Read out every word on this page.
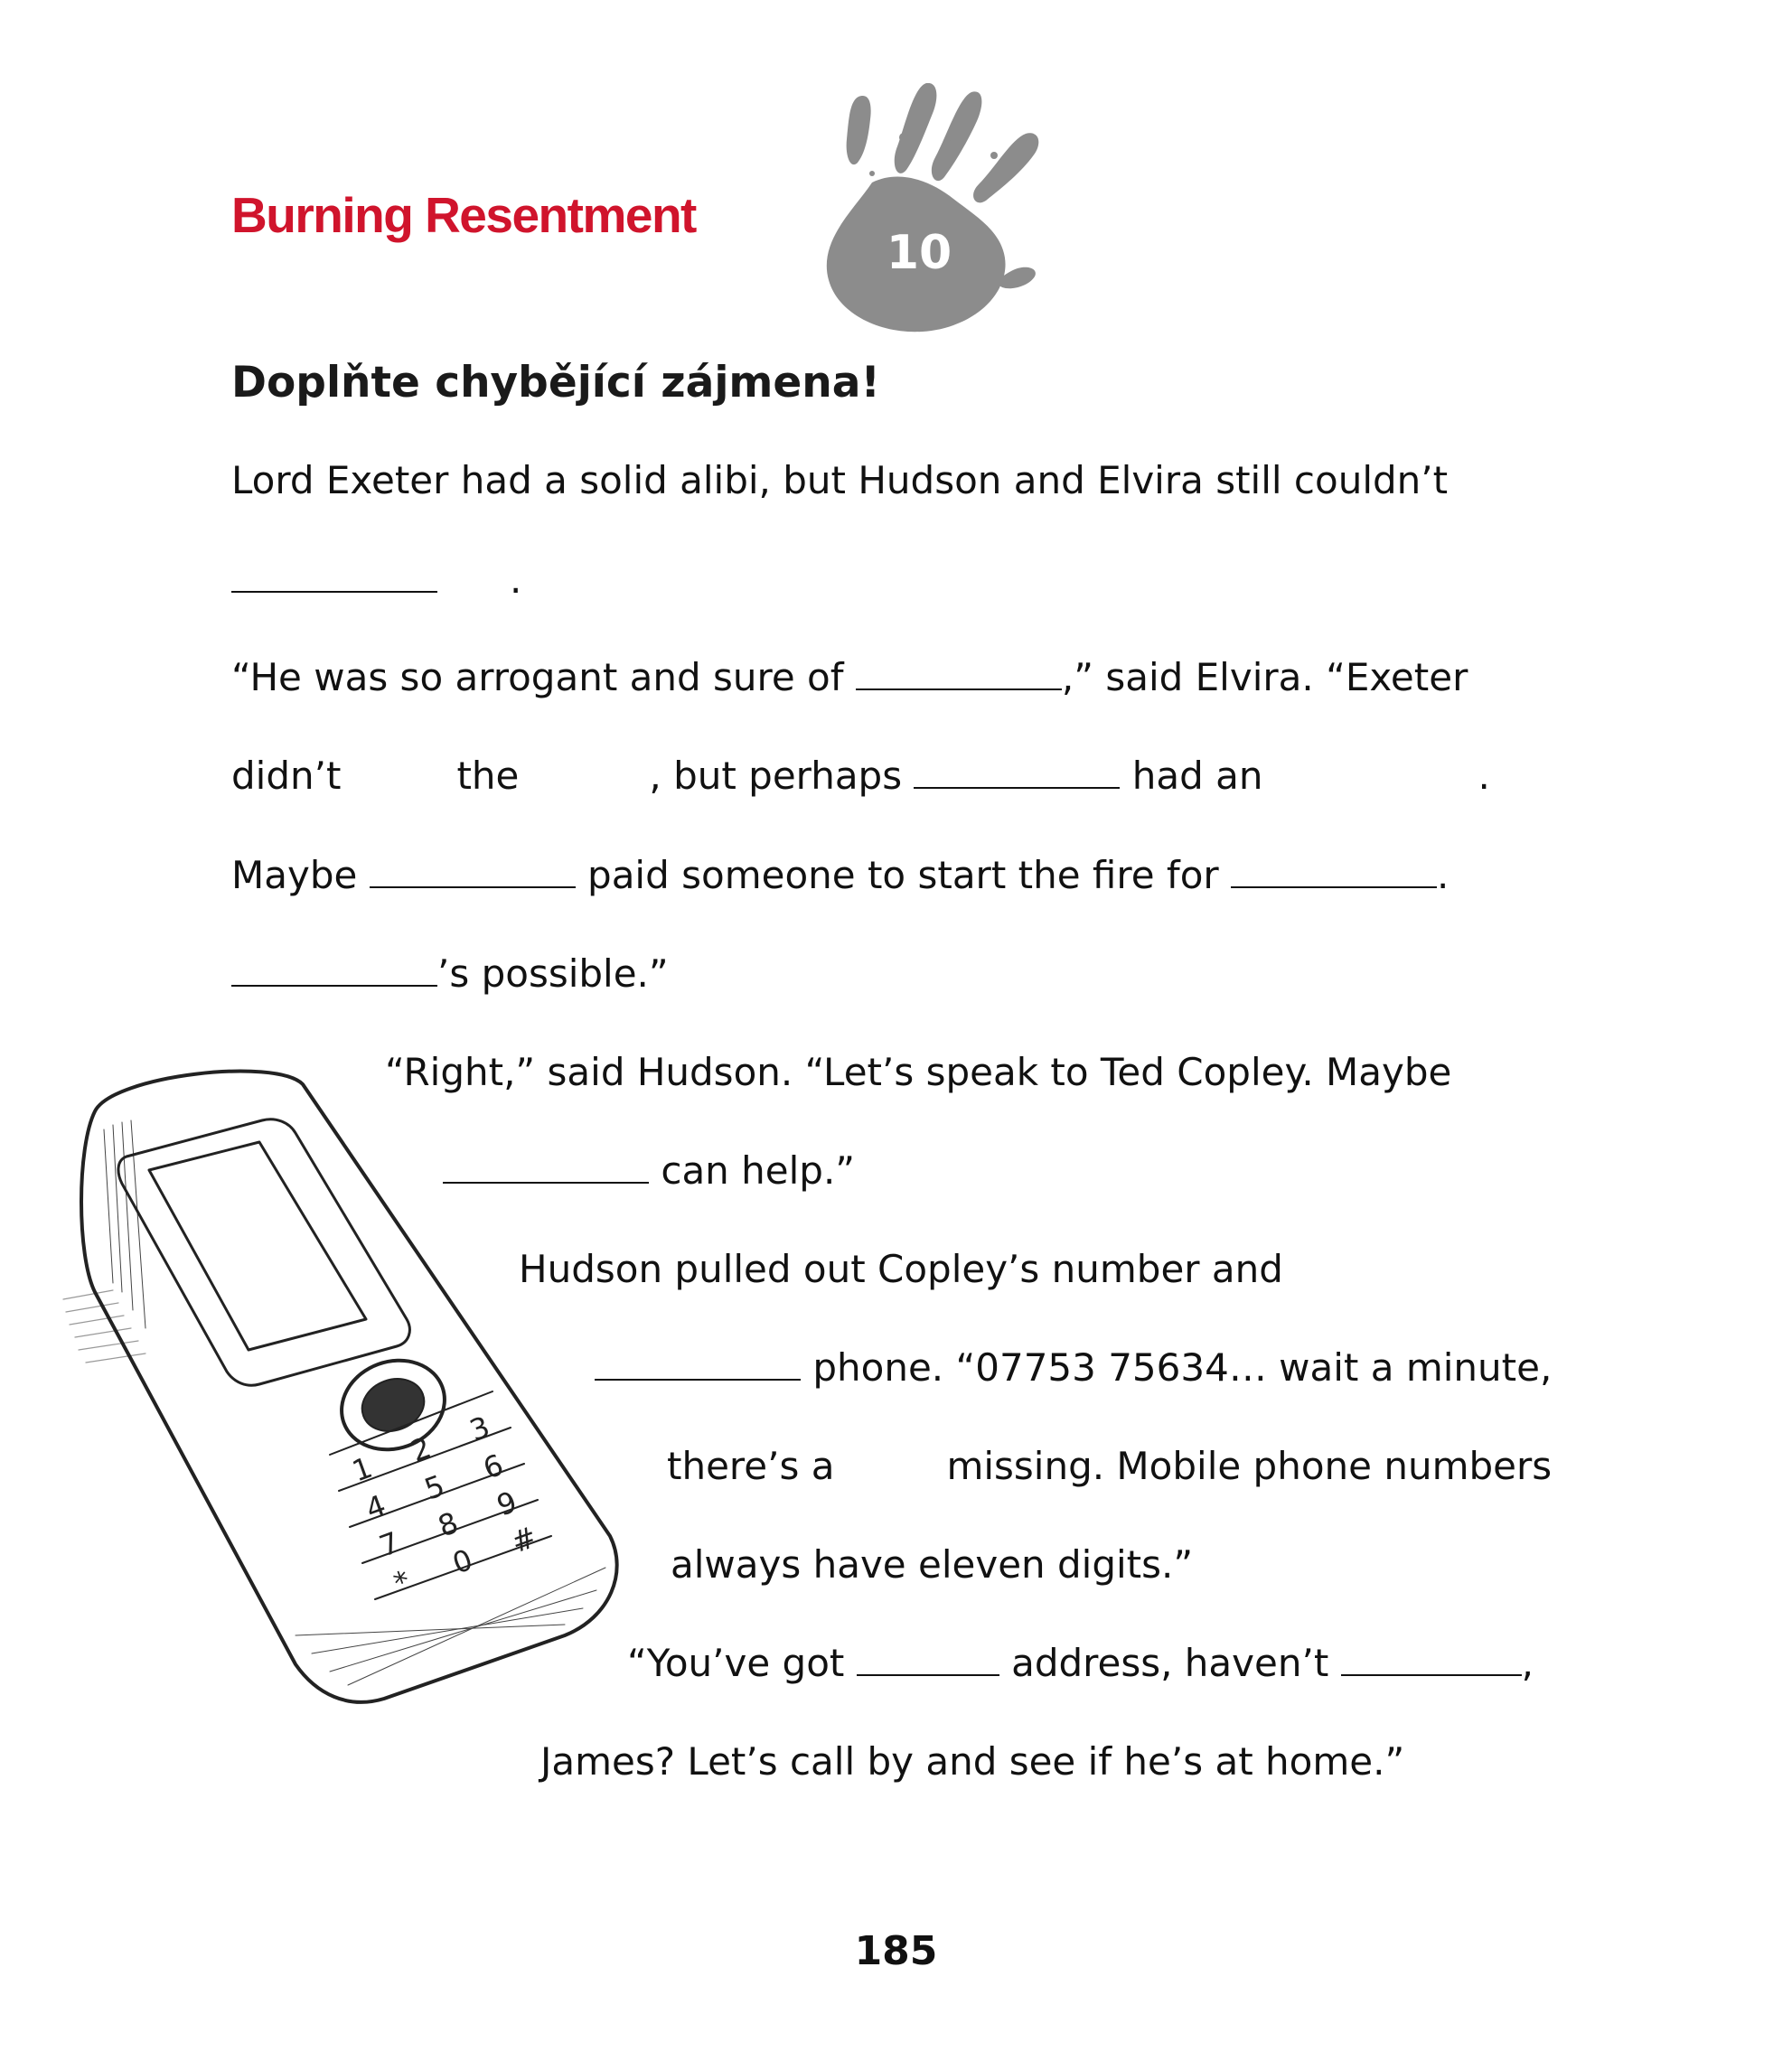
Burning Resentment
10
Doplňte chybějící zájmena!

Lord Exeter had a solid alibi, but Hudson and Elvira still couldn’t

.

“He was so arrogant and sure of	,” said Elvira. “Exeter

didn’t	the	, but perhaps	had an	.

Maybe	paid someone to start the fire for	.

’s possible.”

“Right,” said Hudson. “Let’s speak to Ted Copley. Maybe

can help.”

Hudson pulled out Copley’s number and

phone. “07753 75634… wait a minute,

there’s a	missing. Mobile phone numbers

always have eleven digits.”

“You’ve got	address, haven’t	,

James? Let’s call by and see if he’s at home.”

1
2
3
4
5
6
7
8
9
*
0
#

185
